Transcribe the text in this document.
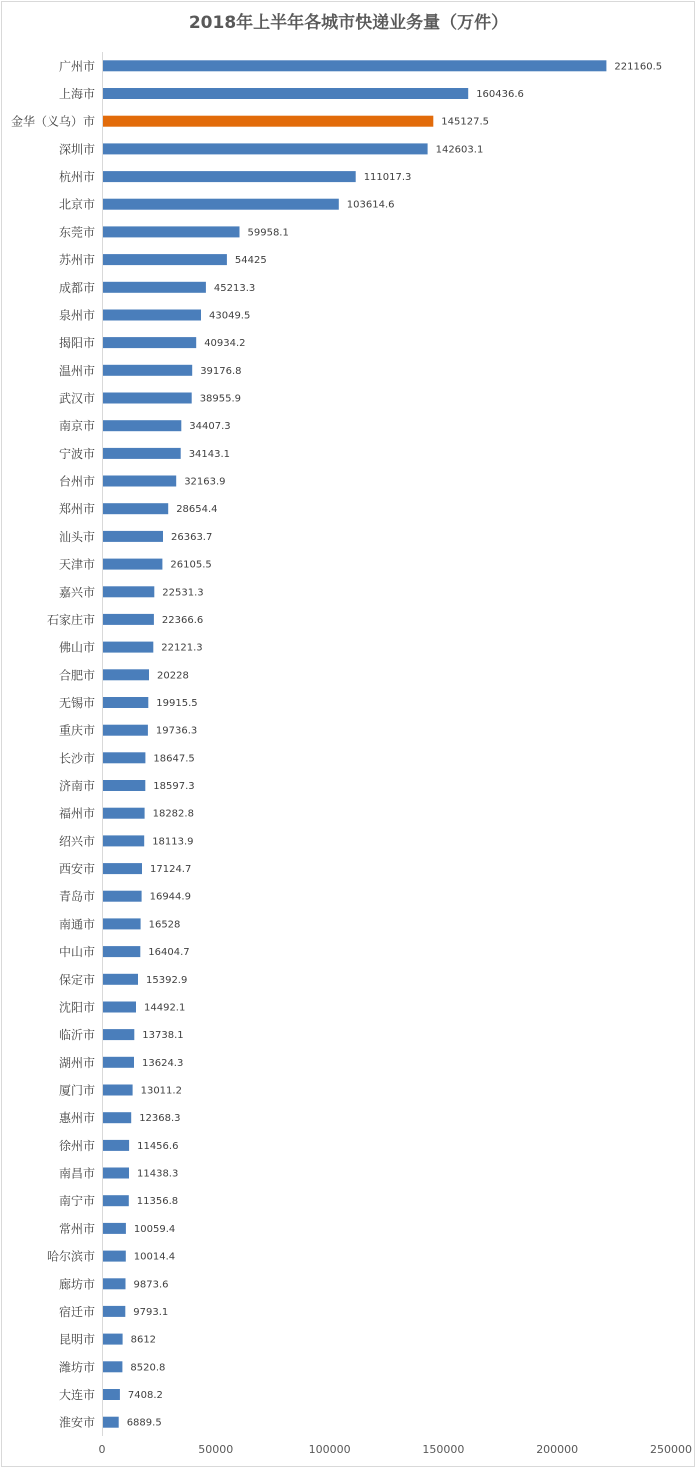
2018年上半年各城市快递业务量（万件）
广州市	221160.5
上海市	160436.6
金华（义乌）市	145127.5
深圳市	142603.1
杭州市	111017.3
北京市	103614.6
东莞市	59958.1
苏州市	54425
成都市	45213.3
泉州市	43049.5
揭阳市	40934.2
温州市	39176.8
武汉市	38955.9
南京市	34407.3
宁波市	34143.1
台州市	32163.9
郑州市	28654.4
汕头市	26363.7
天津市	26105.5
嘉兴市	22531.3
石家庄市	22366.6
佛山市	22121.3
合肥市	20228
无锡市	19915.5
重庆市	19736.3
长沙市	18647.5
济南市	18597.3
福州市	18282.8
绍兴市	18113.9
西安市	17124.7
青岛市	16944.9
南通市	16528
中山市	16404.7
保定市	15392.9
沈阳市	14492.1
临沂市	13738.1
湖州市	13624.3
厦门市	13011.2
惠州市	12368.3
徐州市	11456.6
南昌市	11438.3
南宁市	11356.8
常州市	10059.4
哈尔滨市	10014.4
廊坊市	9873.6
宿迁市	9793.1
昆明市	8612
潍坊市	8520.8
大连市	7408.2
淮安市	6889.5
0	50000	100000	150000	200000	250000
